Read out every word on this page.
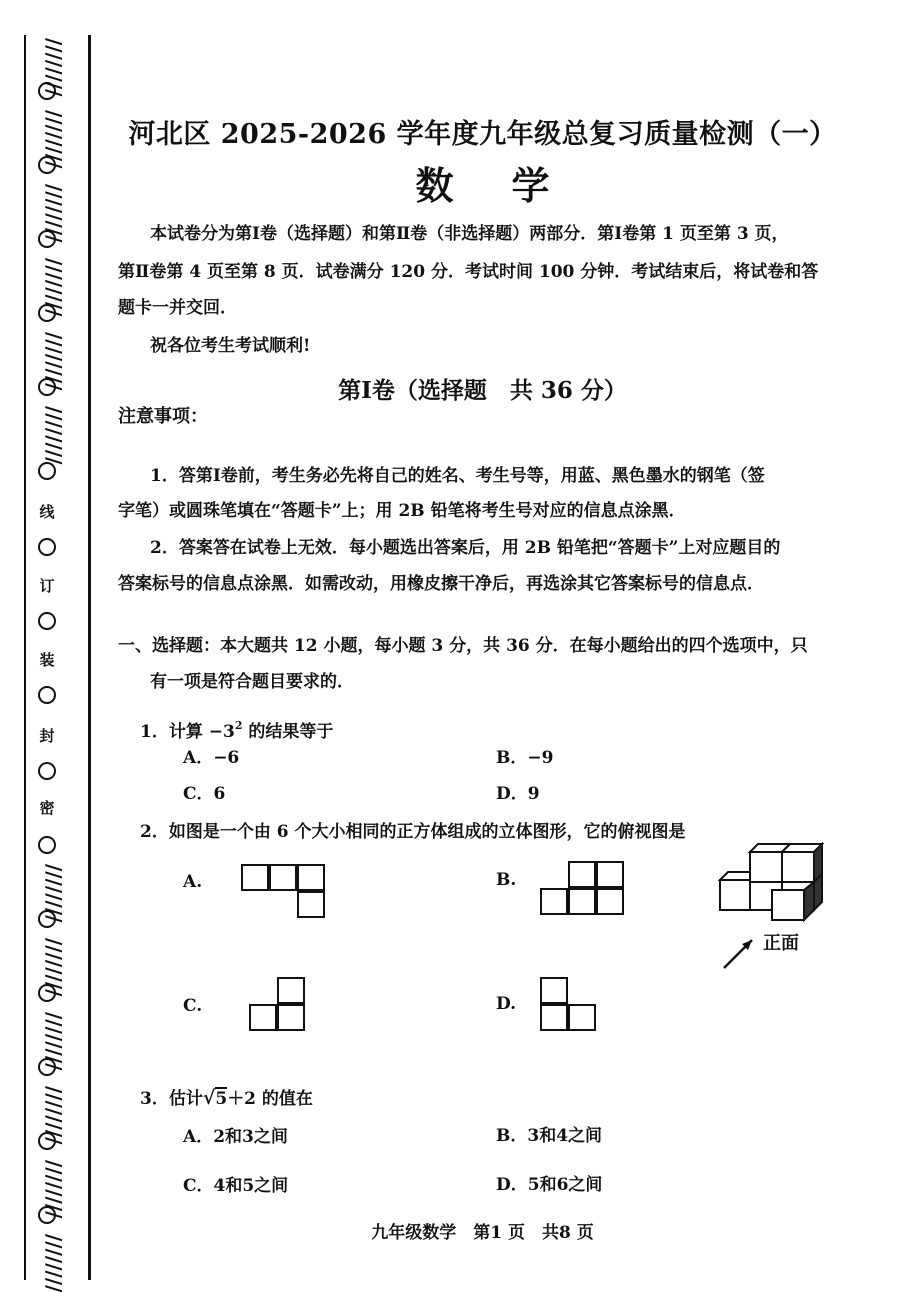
////////
////////
////////
////////
////////
////////
线
订
装
封
密
////////
////////
////////
////////
////////
////////
河北区 2025-2026 学年度九年级总复习质量检测（一）
数学
本试卷分为第Ⅰ卷（选择题）和第Ⅱ卷（非选择题）两部分．第Ⅰ卷第 1 页至第 3 页，
第Ⅱ卷第 4 页至第 8 页．试卷满分 120 分．考试时间 100 分钟．考试结束后，将试卷和答
题卡一并交回．
祝各位考生考试顺利!
第Ⅰ卷（选择题　共 36 分）
注意事项：
1．答第Ⅰ卷前，考生务必先将自己的姓名、考生号等，用蓝、黑色墨水的钢笔（签
字笔）或圆珠笔填在“答题卡”上；用 2B 铅笔将考生号对应的信息点涂黑．
2．答案答在试卷上无效．每小题选出答案后，用 2B 铅笔把“答题卡”上对应题目的
答案标号的信息点涂黑．如需改动，用橡皮擦干净后，再选涂其它答案标号的信息点．
一、选择题：本大题共 12 小题，每小题 3 分，共 36 分．在每小题给出的四个选项中，只
有一项是符合题目要求的．
1．计算 $-3^2$ 的结果等于
A．−6	B．−9
C．6	D．9
2．如图是一个由 6 个大小相同的正方体组成的立体图形，它的俯视图是
A.	B.
正面
C.	D.
3．估计√5＋2 的值在
A．2和3之间	B．3和4之间
C．4和5之间	D．5和6之间
九年级数学　第1 页　共8 页
